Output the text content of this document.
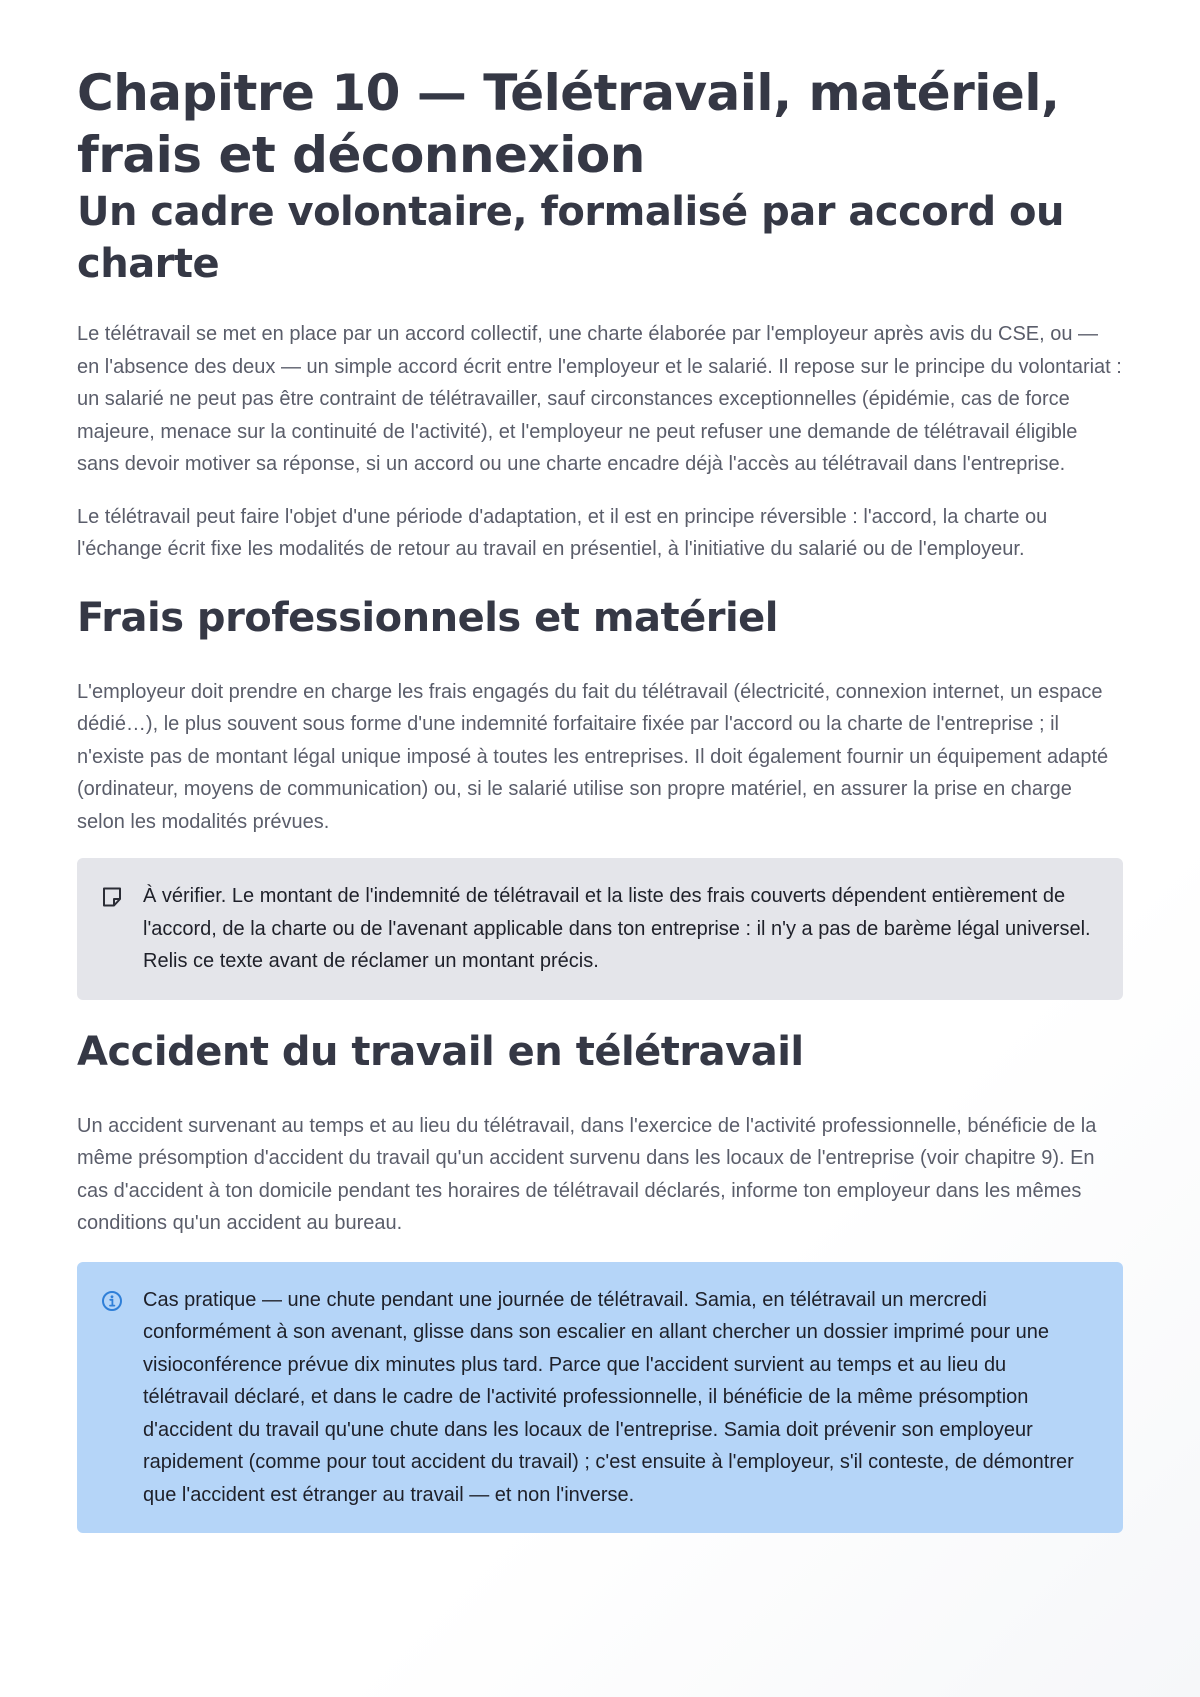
Chapitre 10 — Télétravail, matériel, frais et déconnexion
Un cadre volontaire, formalisé par accord ou charte

Le télétravail se met en place par un accord collectif, une charte élaborée par l'employeur après avis du CSE, ou — en l'absence des deux — un simple accord écrit entre l'employeur et le salarié. Il repose sur le principe du volontariat : un salarié ne peut pas être contraint de télétravailler, sauf circonstances exceptionnelles (épidémie, cas de force majeure, menace sur la continuité de l'activité), et l'employeur ne peut refuser une demande de télétravail éligible sans devoir motiver sa réponse, si un accord ou une charte encadre déjà l'accès au télétravail dans l'entreprise.

Le télétravail peut faire l'objet d'une période d'adaptation, et il est en principe réversible : l'accord, la charte ou l'échange écrit fixe les modalités de retour au travail en présentiel, à l'initiative du salarié ou de l'employeur.

Frais professionnels et matériel

L'employeur doit prendre en charge les frais engagés du fait du télétravail (électricité, connexion internet, un espace dédié…), le plus souvent sous forme d'une indemnité forfaitaire fixée par l'accord ou la charte de l'entreprise ; il n'existe pas de montant légal unique imposé à toutes les entreprises. Il doit également fournir un équipement adapté (ordinateur, moyens de communication) ou, si le salarié utilise son propre matériel, en assurer la prise en charge selon les modalités prévues.

À vérifier. Le montant de l'indemnité de télétravail et la liste des frais couverts dépendent entièrement de l'accord, de la charte ou de l'avenant applicable dans ton entreprise : il n'y a pas de barème légal universel. Relis ce texte avant de réclamer un montant précis.
Accident du travail en télétravail

Un accident survenant au temps et au lieu du télétravail, dans l'exercice de l'activité professionnelle, bénéficie de la même présomption d'accident du travail qu'un accident survenu dans les locaux de l'entreprise (voir chapitre 9). En cas d'accident à ton domicile pendant tes horaires de télétravail déclarés, informe ton employeur dans les mêmes conditions qu'un accident au bureau.

Cas pratique — une chute pendant une journée de télétravail. Samia, en télétravail un mercredi conformément à son avenant, glisse dans son escalier en allant chercher un dossier imprimé pour une visioconférence prévue dix minutes plus tard. Parce que l'accident survient au temps et au lieu du télétravail déclaré, et dans le cadre de l'activité professionnelle, il bénéficie de la même présomption d'accident du travail qu'une chute dans les locaux de l'entreprise. Samia doit prévenir son employeur rapidement (comme pour tout accident du travail) ; c'est ensuite à l'employeur, s'il conteste, de démontrer que l'accident est étranger au travail — et non l'inverse.
